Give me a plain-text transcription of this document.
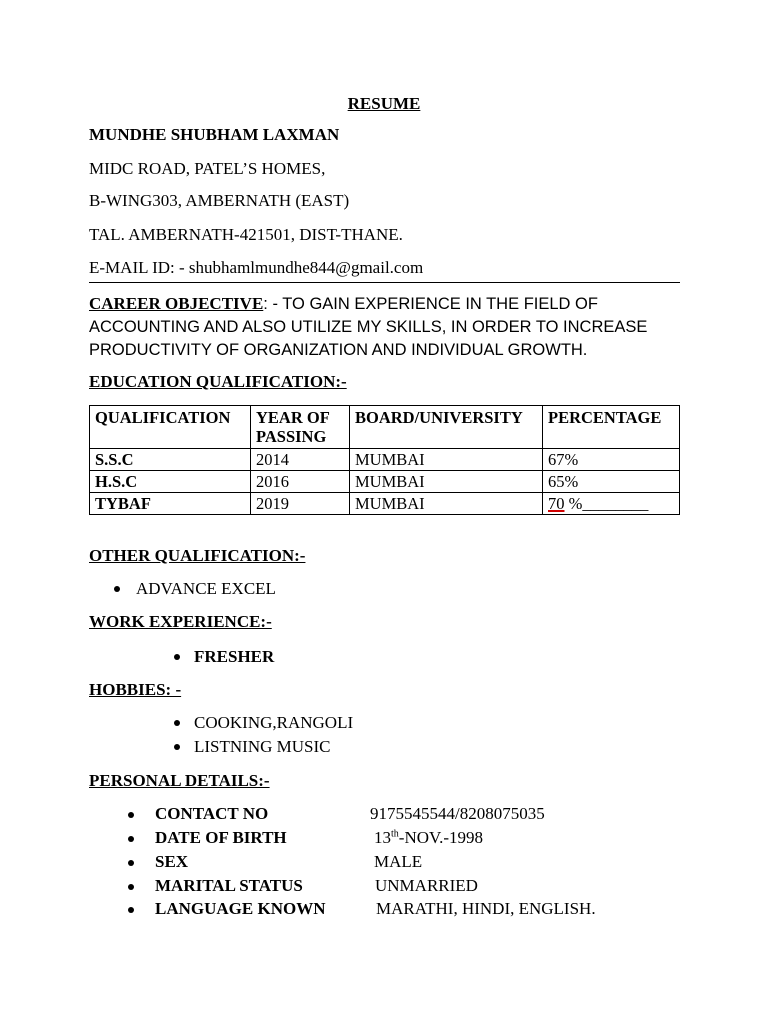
RESUME
MUNDHE SHUBHAM LAXMAN
MIDC ROAD, PATEL’S HOMES,
B-WING303, AMBERNATH (EAST)
TAL. AMBERNATH-421501, DIST-THANE.
E-MAIL ID: - shubhamlmundhe844@gmail.com
CAREER OBJECTIVE: - TO GAIN EXPERIENCE IN THE FIELD OF
ACCOUNTING AND ALSO UTILIZE MY SKILLS, IN ORDER TO INCREASE
PRODUCTIVITY OF ORGANIZATION AND INDIVIDUAL GROWTH.
EDUCATION QUALIFICATION:-
QUALIFICATION	YEAR OF PASSING	BOARD/UNIVERSITY	PERCENTAGE
S.S.C	2014	MUMBAI	67%
H.S.C	2016	MUMBAI	65%
TYBAF	2019	MUMBAI	70 %________
OTHER QUALIFICATION:-
ADVANCE EXCEL
WORK EXPERIENCE:-
FRESHER
HOBBIES: -
COOKING,RANGOLI
LISTNING MUSIC
PERSONAL DETAILS:-
CONTACT NO	9175545544/8208075035
DATE OF BIRTH	13th-NOV.-1998
SEX	MALE
MARITAL STATUS	UNMARRIED
LANGUAGE KNOWN	MARATHI, HINDI, ENGLISH.
